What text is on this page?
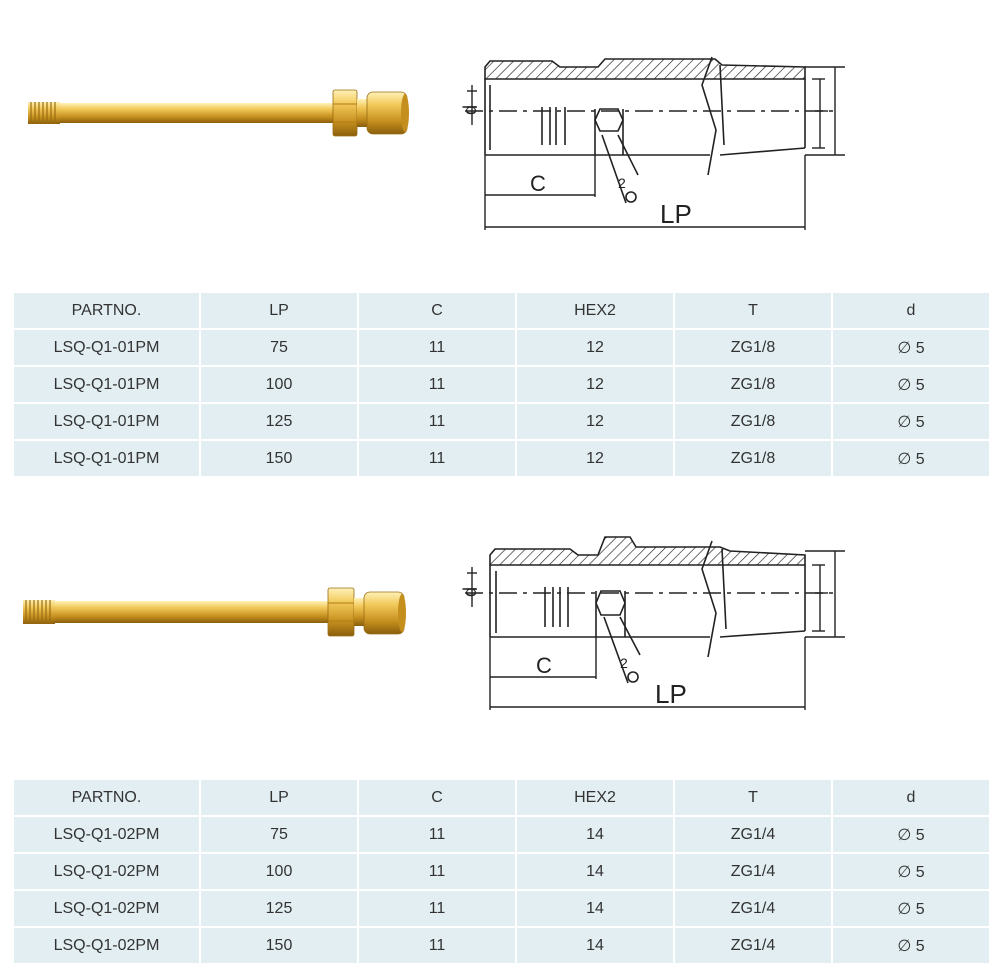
d
C	2
LP
PARTNO.	LP	C	HEX2	T	d
LSQ-Q1-01PM	75	11	12	ZG1/8	∅ 5
LSQ-Q1-01PM	100	11	12	ZG1/8	∅ 5
LSQ-Q1-01PM	125	11	12	ZG1/8	∅ 5
LSQ-Q1-01PM	150	11	12	ZG1/8	∅ 5
d
C	2
LP
PARTNO.	LP	C	HEX2	T	d
LSQ-Q1-02PM	75	11	14	ZG1/4	∅ 5
LSQ-Q1-02PM	100	11	14	ZG1/4	∅ 5
LSQ-Q1-02PM	125	11	14	ZG1/4	∅ 5
LSQ-Q1-02PM	150	11	14	ZG1/4	∅ 5
